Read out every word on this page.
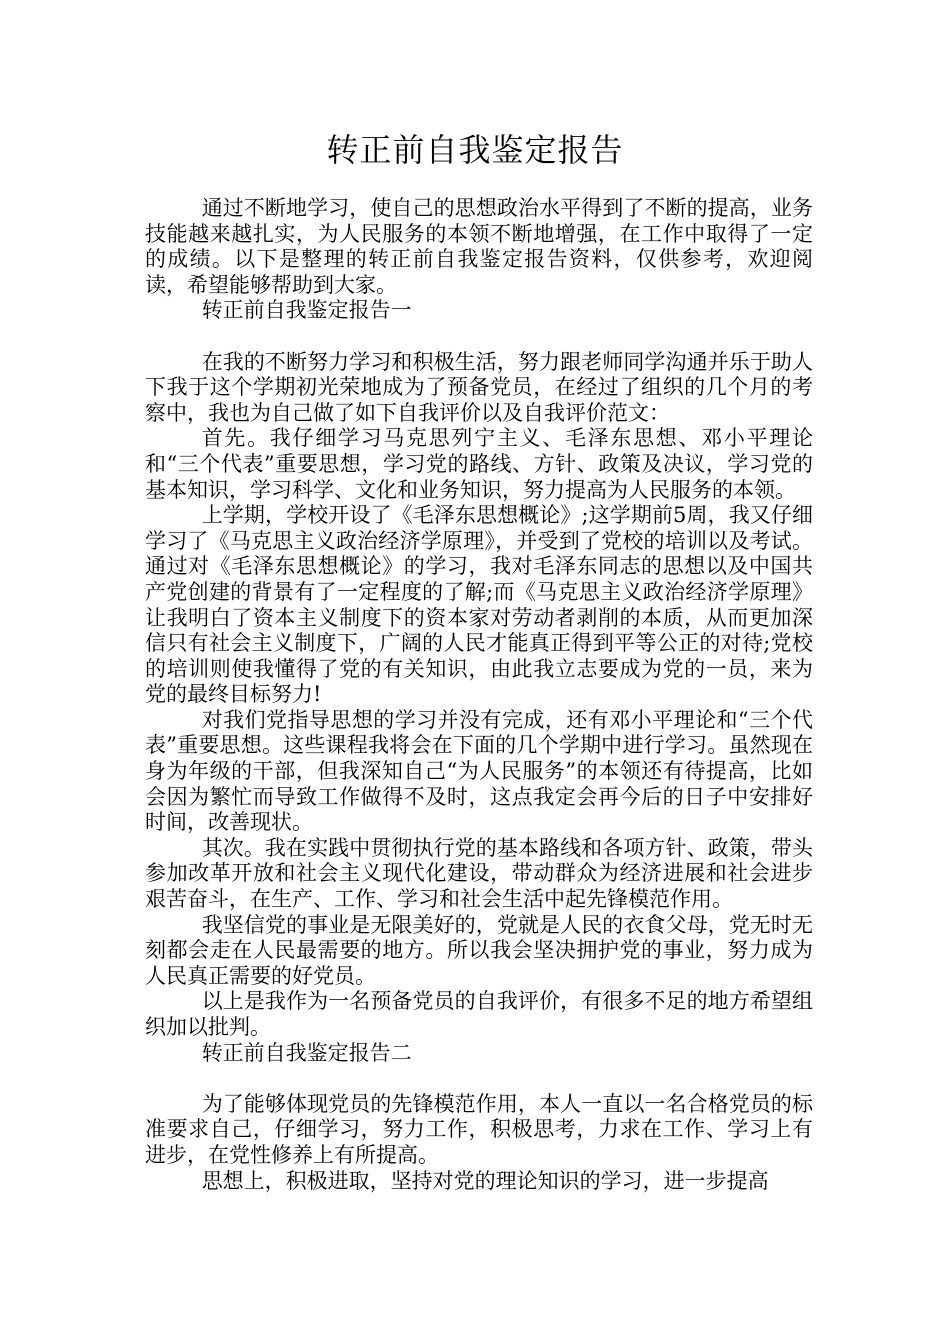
转正前自我鉴定报告

通过不断地学习，使自己的思想政治水平得到了不断的提高，业务技能越来越扎实，为人民服务的本领不断地增强，在工作中取得了一定的成绩。以下是整理的转正前自我鉴定报告资料，仅供参考，欢迎阅读，希望能够帮助到大家。

转正前自我鉴定报告一

在我的不断努力学习和积极生活，努力跟老师同学沟通并乐于助人下我于这个学期初光荣地成为了预备党员，在经过了组织的几个月的考察中，我也为自己做了如下自我评价以及自我评价范文：

首先。我仔细学习马克思列宁主义、毛泽东思想、邓小平理论和“三个代表”重要思想，学习党的路线、方针、政策及决议，学习党的基本知识，学习科学、文化和业务知识，努力提高为人民服务的本领。

上学期，学校开设了《毛泽东思想概论》;这学期前5周，我又仔细学习了《马克思主义政治经济学原理》，并受到了党校的培训以及考试。通过对《毛泽东思想概论》的学习，我对毛泽东同志的思想以及中国共产党创建的背景有了一定程度的了解;而《马克思主义政治经济学原理》让我明白了资本主义制度下的资本家对劳动者剥削的本质，从而更加深信只有社会主义制度下，广阔的人民才能真正得到平等公正的对待;党校的培训则使我懂得了党的有关知识，由此我立志要成为党的一员，来为党的最终目标努力!

对我们党指导思想的学习并没有完成，还有邓小平理论和“三个代表”重要思想。这些课程我将会在下面的几个学期中进行学习。虽然现在身为年级的干部，但我深知自己“为人民服务”的本领还有待提高，比如会因为繁忙而导致工作做得不及时，这点我定会再今后的日子中安排好时间，改善现状。

其次。我在实践中贯彻执行党的基本路线和各项方针、政策，带头参加改革开放和社会主义现代化建设，带动群众为经济进展和社会进步艰苦奋斗，在生产、工作、学习和社会生活中起先锋模范作用。

我坚信党的事业是无限美好的，党就是人民的衣食父母，党无时无刻都会走在人民最需要的地方。所以我会坚决拥护党的事业，努力成为人民真正需要的好党员。

以上是我作为一名预备党员的自我评价，有很多不足的地方希望组织加以批判。

转正前自我鉴定报告二

为了能够体现党员的先锋模范作用，本人一直以一名合格党员的标准要求自己，仔细学习，努力工作，积极思考，力求在工作、学习上有进步，在党性修养上有所提高。

思想上，积极进取，坚持对党的理论知识的学习，进一步提高
